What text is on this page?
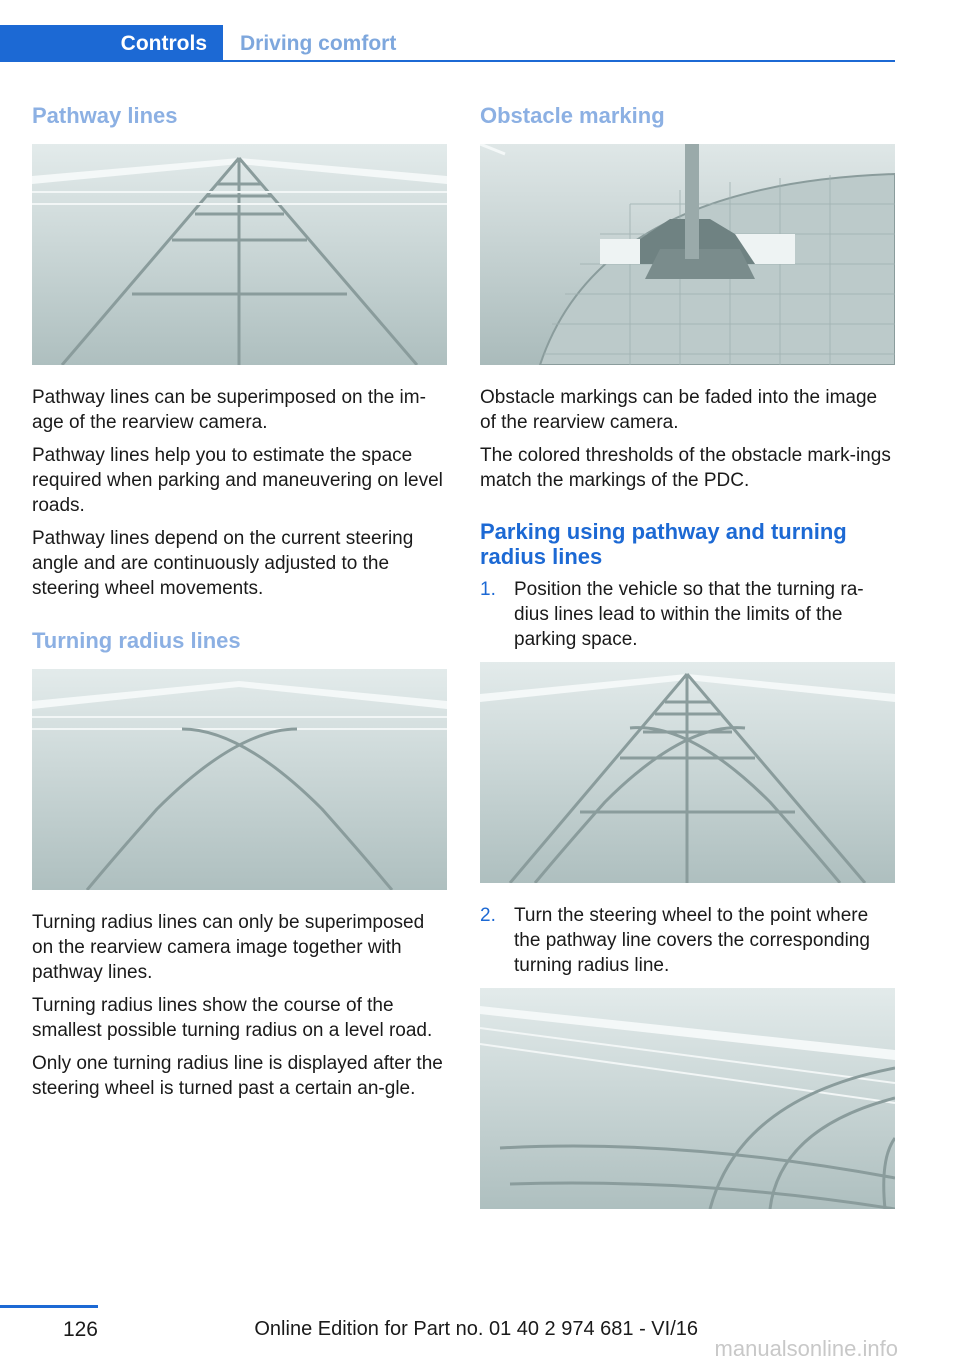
Controls Driving comfort
Pathway lines

Pathway lines can be superimposed on the im‐age of the rearview camera.

Pathway lines help you to estimate the space required when parking and maneuvering on level roads.

Pathway lines depend on the current steering angle and are continuously adjusted to the steering wheel movements.

Turning radius lines

Turning radius lines can only be superimposed on the rearview camera image together with pathway lines.

Turning radius lines show the course of the smallest possible turning radius on a level road.

Only one turning radius line is displayed after the steering wheel is turned past a certain an‐gle.

Obstacle marking

Obstacle markings can be faded into the image of the rearview camera.

The colored thresholds of the obstacle mark‐ings match the markings of the PDC.

Parking using pathway and turning radius lines
1. Position the vehicle so that the turning ra‐dius lines lead to within the limits of the parking space.
2. Turn the steering wheel to the point where the pathway line covers the corresponding turning radius line.
126	Online Edition for Part no. 01 40 2 974 681 - VI/16
manualsonline.info
